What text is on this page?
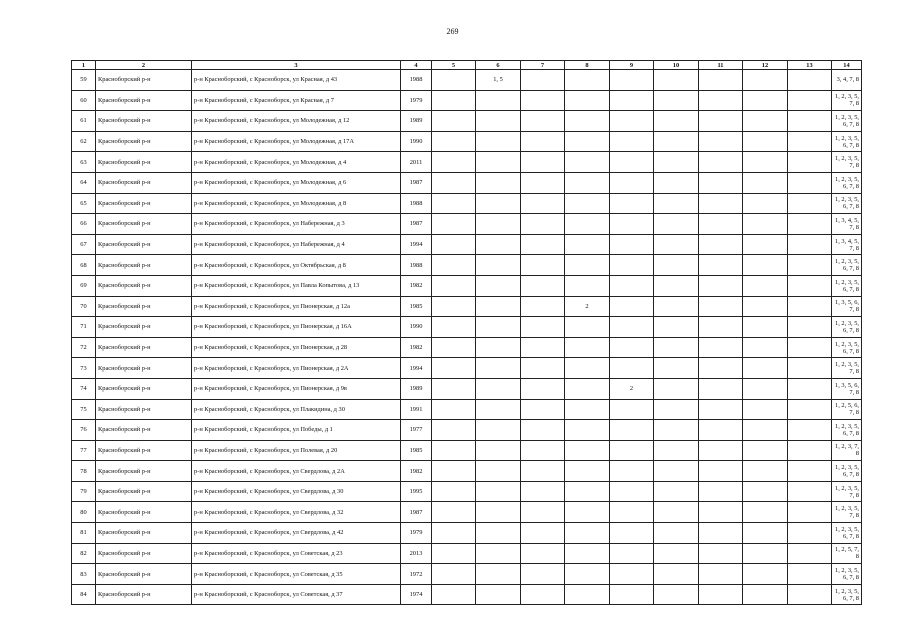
269
1	2	3	4	5	6	7	8	9	10	11	12	13	14
59	Красноборский р-н	р-н Красноборский, с Красноборск, ул Красная, д 43	1988		1, 5								3, 4, 7, 8
60	Красноборский р-н	р-н Красноборский, с Красноборск, ул Красная, д 7	1979										1, 2, 3, 5, 7, 8
61	Красноборский р-н	р-н Красноборский, с Красноборск, ул Молодежная, д 12	1989										1, 2, 3, 5, 6, 7, 8
62	Красноборский р-н	р-н Красноборский, с Красноборск, ул Молодежная, д 17А	1990										1, 2, 3, 5, 6, 7, 8
63	Красноборский р-н	р-н Красноборский, с Красноборск, ул Молодежная, д 4	2011										1, 2, 3, 5, 7, 8
64	Красноборский р-н	р-н Красноборский, с Красноборск, ул Молодежная, д 6	1987										1, 2, 3, 5, 6, 7, 8
65	Красноборский р-н	р-н Красноборский, с Красноборск, ул Молодежная, д 8	1988										1, 2, 3, 5, 6, 7, 8
66	Красноборский р-н	р-н Красноборский, с Красноборск, ул Набережная, д 3	1987										1, 3, 4, 5, 7, 8
67	Красноборский р-н	р-н Красноборский, с Красноборск, ул Набережная, д 4	1994										1, 3, 4, 5, 7, 8
68	Красноборский р-н	р-н Красноборский, с Красноборск, ул Октябрьская, д 8	1988										1, 2, 3, 5, 6, 7, 8
69	Красноборский р-н	р-н Красноборский, с Красноборск, ул Павла Копытова, д 13	1982										1, 2, 3, 5, 6, 7, 8
70	Красноборский р-н	р-н Красноборский, с Красноборск, ул Пионерская, д 12а	1985				2						1, 3, 5, 6, 7, 8
71	Красноборский р-н	р-н Красноборский, с Красноборск, ул Пионерская, д 16А	1990										1, 2, 3, 5, 6, 7, 8
72	Красноборский р-н	р-н Красноборский, с Красноборск, ул Пионерская, д 28	1982										1, 2, 3, 5, 6, 7, 8
73	Красноборский р-н	р-н Красноборский, с Красноборск, ул Пионерская, д 2А	1994										1, 2, 3, 5, 7, 8
74	Красноборский р-н	р-н Красноборский, с Красноборск, ул Пионерская, д 9в	1989					2					1, 3, 5, 6, 7, 8
75	Красноборский р-н	р-н Красноборский, с Красноборск, ул Плакидина, д 30	1991										1, 2, 5, 6, 7, 8
76	Красноборский р-н	р-н Красноборский, с Красноборск, ул Победы, д 1	1977										1, 2, 3, 5, 6, 7, 8
77	Красноборский р-н	р-н Красноборский, с Красноборск, ул Полевая, д 20	1985										1, 2, 3, 7, 8
78	Красноборский р-н	р-н Красноборский, с Красноборск, ул Свердлова, д 2А	1982										1, 2, 3, 5, 6, 7, 8
79	Красноборский р-н	р-н Красноборский, с Красноборск, ул Свердлова, д 30	1995										1, 2, 3, 5, 7, 8
80	Красноборский р-н	р-н Красноборский, с Красноборск, ул Свердлова, д 32	1987										1, 2, 3, 5, 7, 8
81	Красноборский р-н	р-н Красноборский, с Красноборск, ул Свердлова, д 42	1979										1, 2, 3, 5, 6, 7, 8
82	Красноборский р-н	р-н Красноборский, с Красноборск, ул Советская, д 23	2013										1, 2, 5, 7, 8
83	Красноборский р-н	р-н Красноборский, с Красноборск, ул Советская, д 35	1972										1, 2, 3, 5, 6, 7, 8
84	Красноборский р-н	р-н Красноборский, с Красноборск, ул Советская, д 37	1974										1, 2, 3, 5, 6, 7, 8
